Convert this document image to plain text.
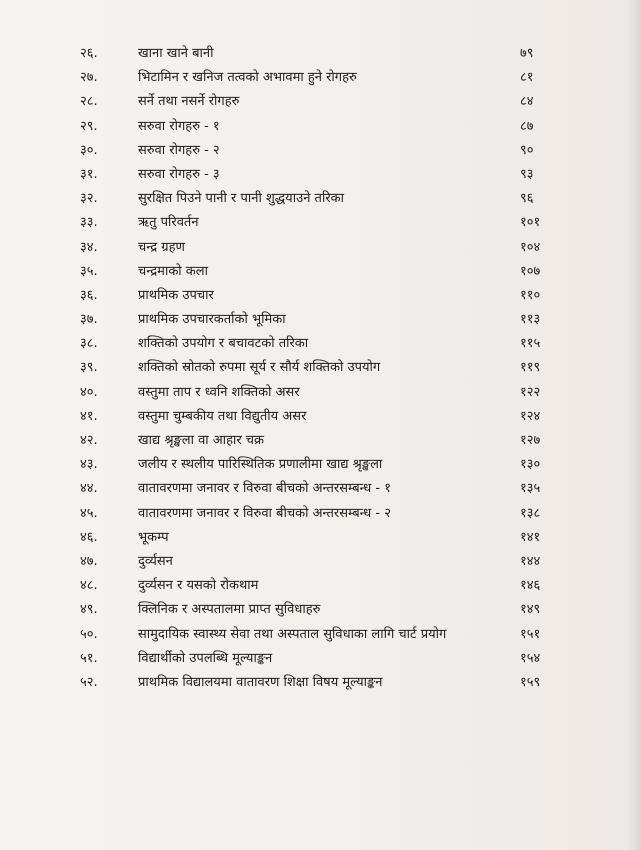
२६.	खाना खाने बानी	७९
२७.	भिटामिन र खनिज तत्वको अभावमा हुने रोगहरु	८१
२८.	सर्ने तथा नसर्ने रोगहरु	८४
२९.	सरुवा रोगहरु - १	८७
३०.	सरुवा रोगहरु - २	९०
३१.	सरुवा रोगहरु - ३	९३
३२.	सुरक्षित पिउने पानी र पानी शुद्धयाउने तरिका	९६
३३.	ऋतु परिवर्तन	१०१
३४.	चन्द्र ग्रहण	१०४
३५.	चन्द्रमाको कला	१०७
३६.	प्राथमिक उपचार	११०
३७.	प्राथमिक उपचारकर्ताको भूमिका	११३
३८.	शक्तिको उपयोग र बचावटको तरिका	११५
३९.	शक्तिको स्रोतको रुपमा सूर्य र सौर्य शक्तिको उपयोग	११९
४०.	वस्तुमा ताप र ध्वनि शक्तिको असर	१२२
४१.	वस्तुमा चुम्बकीय तथा विद्युतीय असर	१२४
४२.	खाद्य श्रृङ्खला वा आहार चक्र	१२७
४३.	जलीय र स्थलीय पारिस्थितिक प्रणालीमा खाद्य श्रृङ्खला	१३०
४४.	वातावरणमा जनावर र विरुवा बीचको अन्तरसम्बन्ध - १	१३५
४५.	वातावरणमा जनावर र विरुवा बीचको अन्तरसम्बन्ध - २	१३८
४६.	भूकम्प	१४१
४७.	दुर्व्यसन	१४४
४८.	दुर्व्यसन र यसको रोकथाम	१४६
४९.	क्लिनिक र अस्पतालमा प्राप्त सुविधाहरु	१४९
५०.	सामुदायिक स्वास्थ्य सेवा तथा अस्पताल सुविधाका लागि चार्ट प्रयोग	१५१
५१.	विद्यार्थीको उपलब्धि मूल्याङ्कन	१५४
५२.	प्राथमिक विद्यालयमा वातावरण शिक्षा विषय मूल्याङ्कन	१५९
